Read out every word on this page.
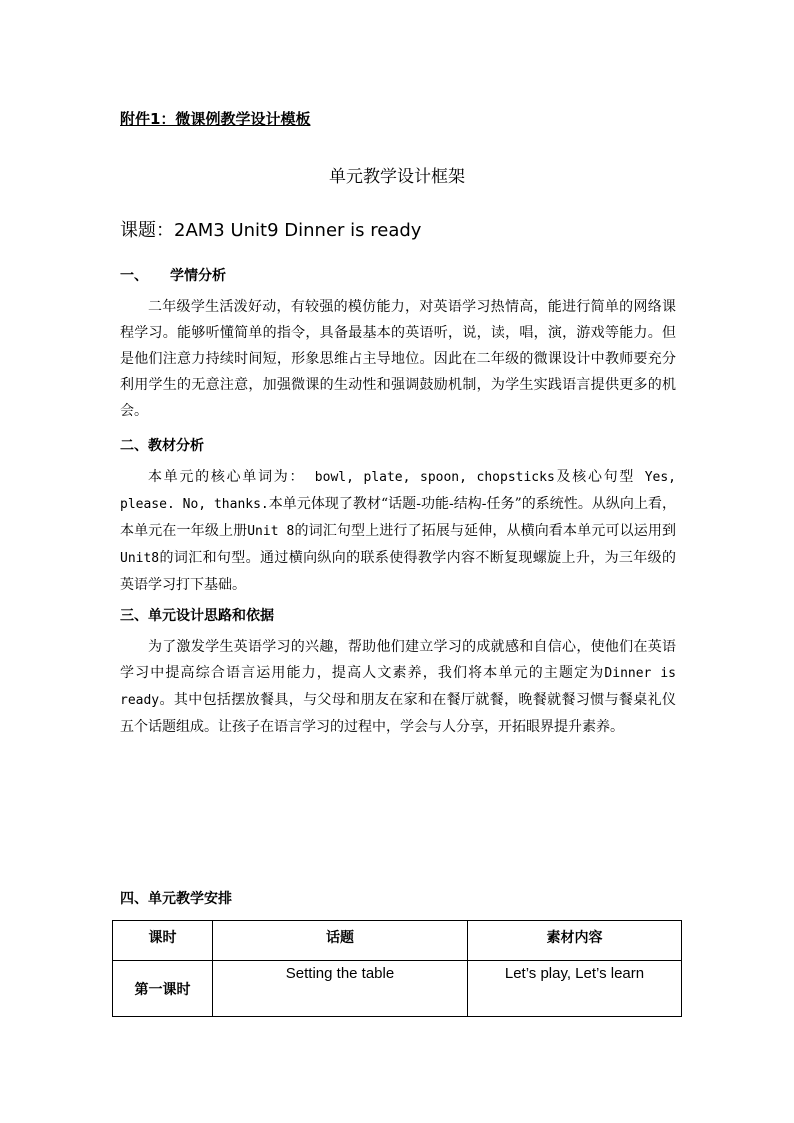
附件1：微课例教学设计模板
单元教学设计框架
课题：2AM3 Unit9 Dinner is ready
一、 学情分析
二年级学生活泼好动，有较强的模仿能力，对英语学习热情高，能进行简单的网络课程学习。能够听懂简单的指令，具备最基本的英语听，说，读，唱，演，游戏等能力。但是他们注意力持续时间短，形象思维占主导地位。因此在二年级的微课设计中教师要充分利用学生的无意注意，加强微课的生动性和强调鼓励机制，为学生实践语言提供更多的机会。
二、教材分析
本单元的核心单词为： bowl, plate, spoon, chopsticks及核心句型 Yes, please. No, thanks.本单元体现了教材“话题-功能-结构-任务”的系统性。从纵向上看，本单元在一年级上册Unit 8的词汇句型上进行了拓展与延伸，从横向看本单元可以运用到Unit8的词汇和句型。通过横向纵向的联系使得教学内容不断复现螺旋上升，为三年级的英语学习打下基础。
三、单元设计思路和依据
为了激发学生英语学习的兴趣，帮助他们建立学习的成就感和自信心，使他们在英语学习中提高综合语言运用能力，提高人文素养，我们将本单元的主题定为Dinner is ready。其中包括摆放餐具，与父母和朋友在家和在餐厅就餐，晚餐就餐习惯与餐桌礼仪五个话题组成。让孩子在语言学习的过程中，学会与人分享，开拓眼界提升素养。
四、单元教学安排
课时	话题	素材内容
第一课时	Setting the table	Let’s play, Let’s learn
